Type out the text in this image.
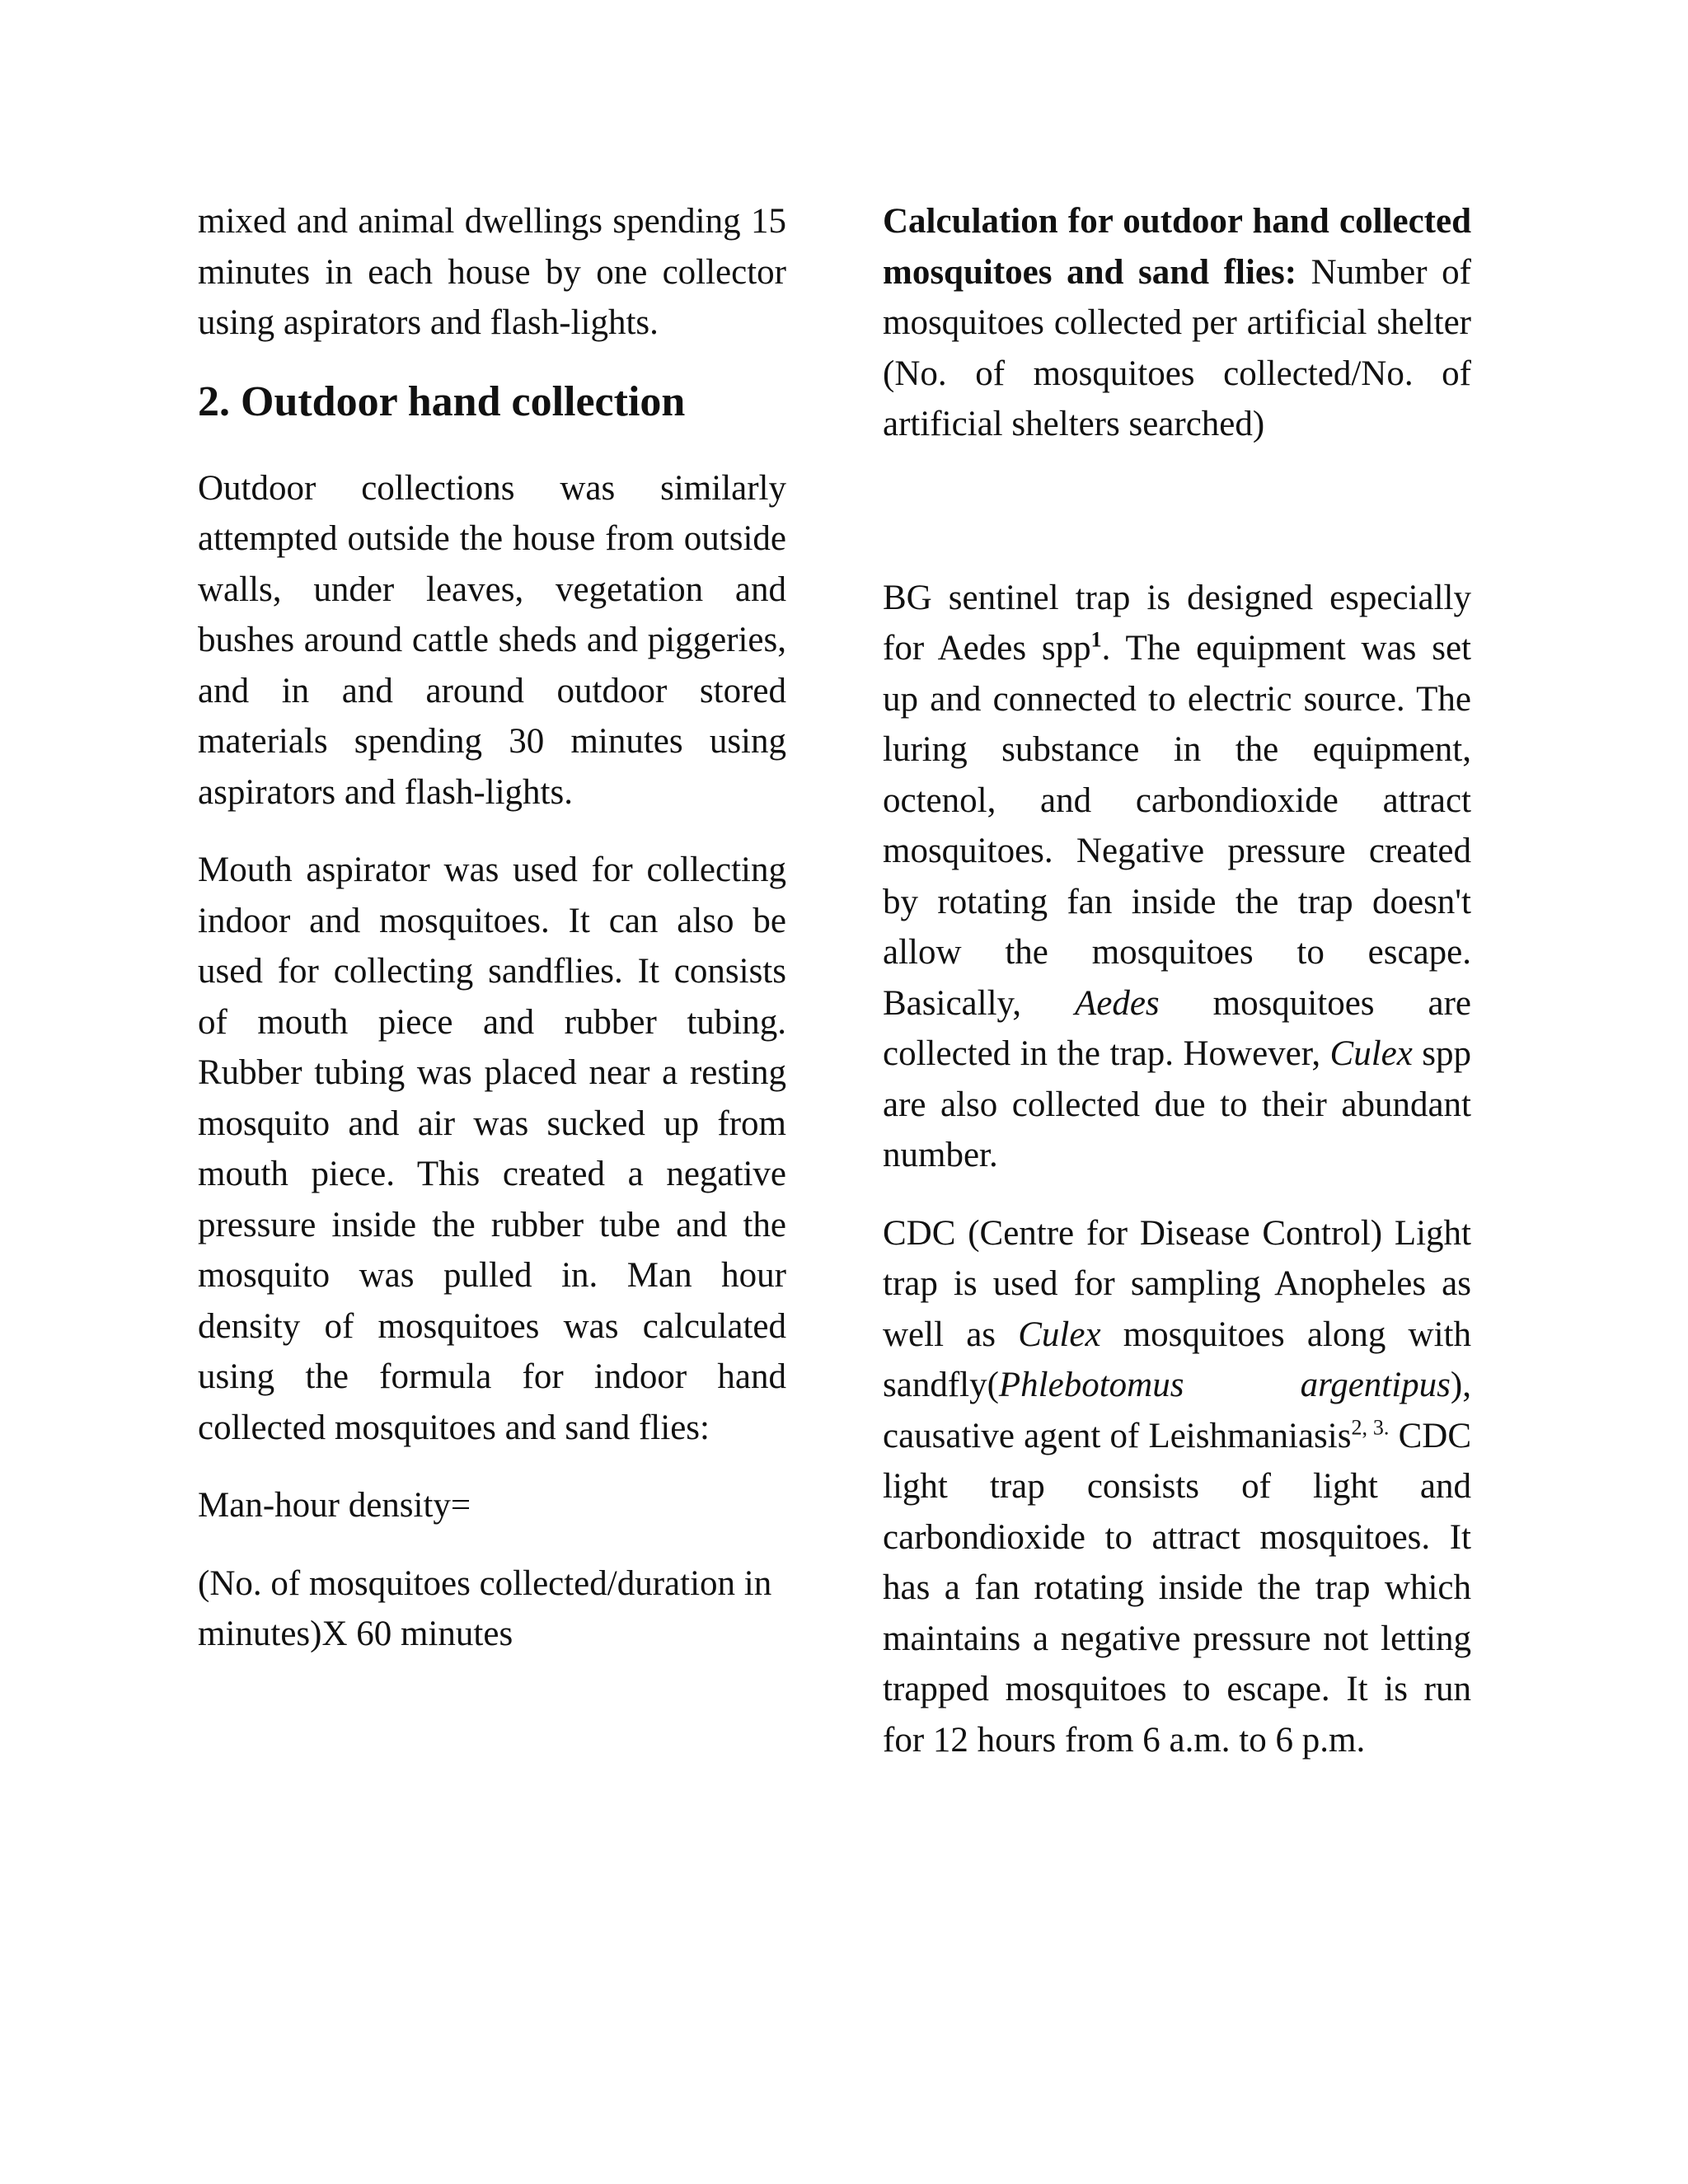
mixed and animal dwellings spending 15 minutes in each house by one collector using aspirators and flash-lights.

2. Outdoor hand collection

Outdoor collections was similarly attempted outside the house from outside walls, under leaves, vegetation and bushes around cattle sheds and piggeries, and in and around outdoor stored materials spending 30 minutes using aspirators and flash-lights.

Mouth aspirator was used for collecting indoor and mosquitoes. It can also be used for collecting sandflies. It consists of mouth piece and rubber tubing. Rubber tubing was placed near a resting mosquito and air was sucked up from mouth piece. This created a negative pressure inside the rubber tube and the mosquito was pulled in. Man hour density of mosquitoes was calculated using the formula for indoor hand collected mosquitoes and sand flies:

Man-hour density=

(No. of mosquitoes collected/duration in minutes)X 60 minutes

Calculation for outdoor hand collected mosquitoes and sand flies: Number of mosquitoes collected per artificial shelter (No. of mosquitoes collected/No. of artificial shelters searched)

BG sentinel trap is designed especially for Aedes spp$^1$. The equipment was set up and connected to electric source. The luring substance in the equipment, octenol, and carbondioxide attract mosquitoes. Negative pressure created by rotating fan inside the trap doesn't allow the mosquitoes to escape. Basically, Aedes mosquitoes are collected in the trap. However, Culex spp are also collected due to their abundant number.

CDC (Centre for Disease Control) Light trap is used for sampling Anopheles as well as Culex mosquitoes along with sandfly(Phlebotomus argentipus), causative agent of Leishmaniasis$^{2, 3.}$ CDC light trap consists of light and carbondioxide to attract mosquitoes. It has a fan rotating inside the trap which maintains a negative pressure not letting trapped mosquitoes to escape. It is run for 12 hours from 6 a.m. to 6 p.m.
